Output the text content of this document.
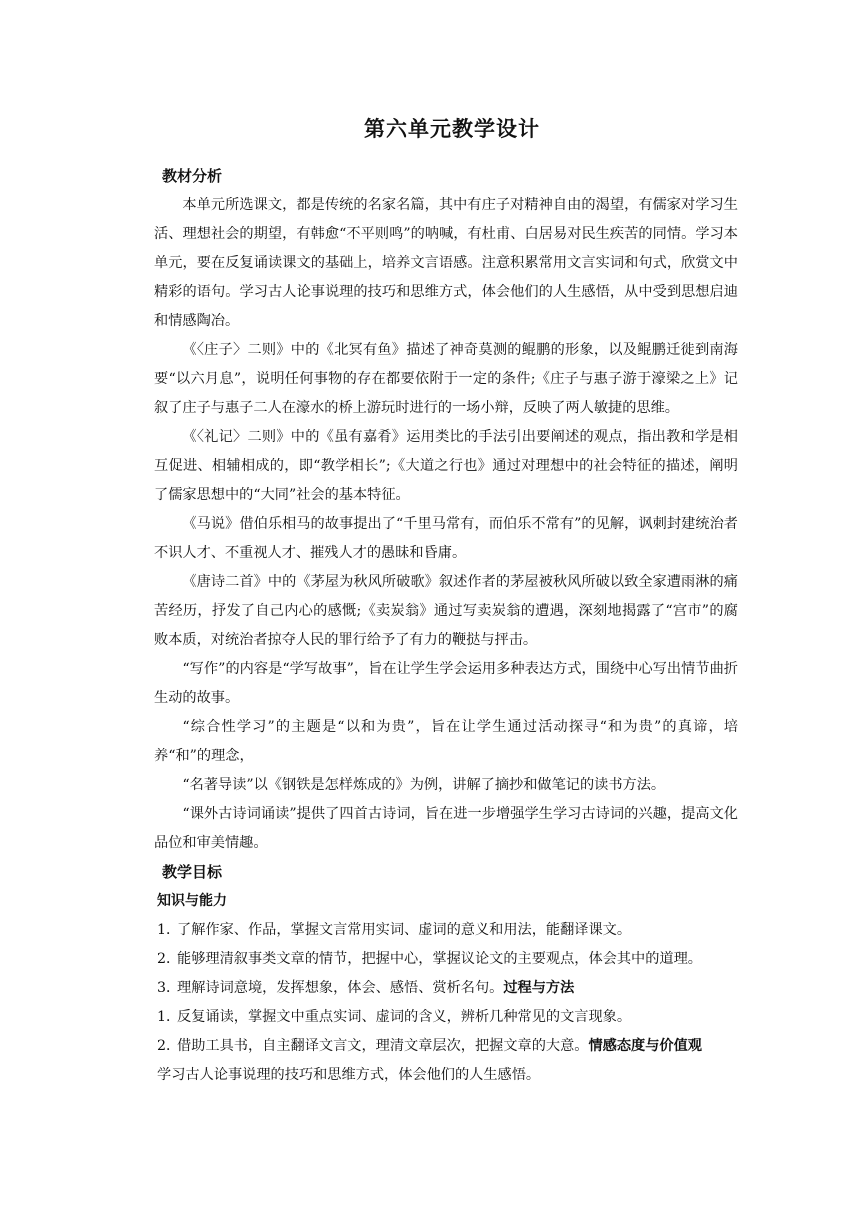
第六单元教学设计
教材分析

本单元所选课文，都是传统的名家名篇，其中有庄子对精神自由的渴望，有儒家对学习生活、理想社会的期望，有韩愈“不平则鸣”的呐喊，有杜甫、白居易对民生疾苦的同情。学习本单元，要在反复诵读课文的基础上，培养文言语感。注意积累常用文言实词和句式，欣赏文中精彩的语句。学习古人论事说理的技巧和思维方式，体会他们的人生感悟，从中受到思想启迪和情感陶冶。

《〈庄子〉二则》中的《北冥有鱼》描述了神奇莫测的鲲鹏的形象，以及鲲鹏迁徙到南海要“以六月息”，说明任何事物的存在都要依附于一定的条件;《庄子与惠子游于濠梁之上》记叙了庄子与惠子二人在濠水的桥上游玩时进行的一场小辩，反映了两人敏捷的思维。

《〈礼记〉二则》中的《虽有嘉肴》运用类比的手法引出要阐述的观点，指出教和学是相互促进、相辅相成的，即“教学相长”;《大道之行也》通过对理想中的社会特征的描述，阐明了儒家思想中的“大同”社会的基本特征。

《马说》借伯乐相马的故事提出了“千里马常有，而伯乐不常有”的见解，讽刺封建统治者不识人才、不重视人才、摧残人才的愚昧和昏庸。

《唐诗二首》中的《茅屋为秋风所破歌》叙述作者的茅屋被秋风所破以致全家遭雨淋的痛苦经历，抒发了自己内心的感慨;《卖炭翁》通过写卖炭翁的遭遇，深刻地揭露了“宫市”的腐败本质，对统治者掠夺人民的罪行给予了有力的鞭挞与抨击。

“写作”的内容是“学写故事”，旨在让学生学会运用多种表达方式，围绕中心写出情节曲折生动的故事。

“综合性学习”的主题是“以和为贵”，旨在让学生通过活动探寻“和为贵”的真谛，培养“和”的理念，

“名著导读”以《钢铁是怎样炼成的》为例，讲解了摘抄和做笔记的读书方法。

“课外古诗词诵读”提供了四首古诗词，旨在进一步增强学生学习古诗词的兴趣，提高文化品位和审美情趣。

教学目标
知识与能力
1．了解作家、作品，掌握文言常用实词、虚词的意义和用法，能翻译课文。
2．能够理清叙事类文章的情节，把握中心，掌握议论文的主要观点，体会其中的道理。
3．理解诗词意境，发挥想象，体会、感悟、赏析名句。过程与方法
1．反复诵读，掌握文中重点实词、虚词的含义，辨析几种常见的文言现象。
2．借助工具书，自主翻译文言文，理清文章层次，把握文章的大意。情感态度与价值观
学习古人论事说理的技巧和思维方式，体会他们的人生感悟。
